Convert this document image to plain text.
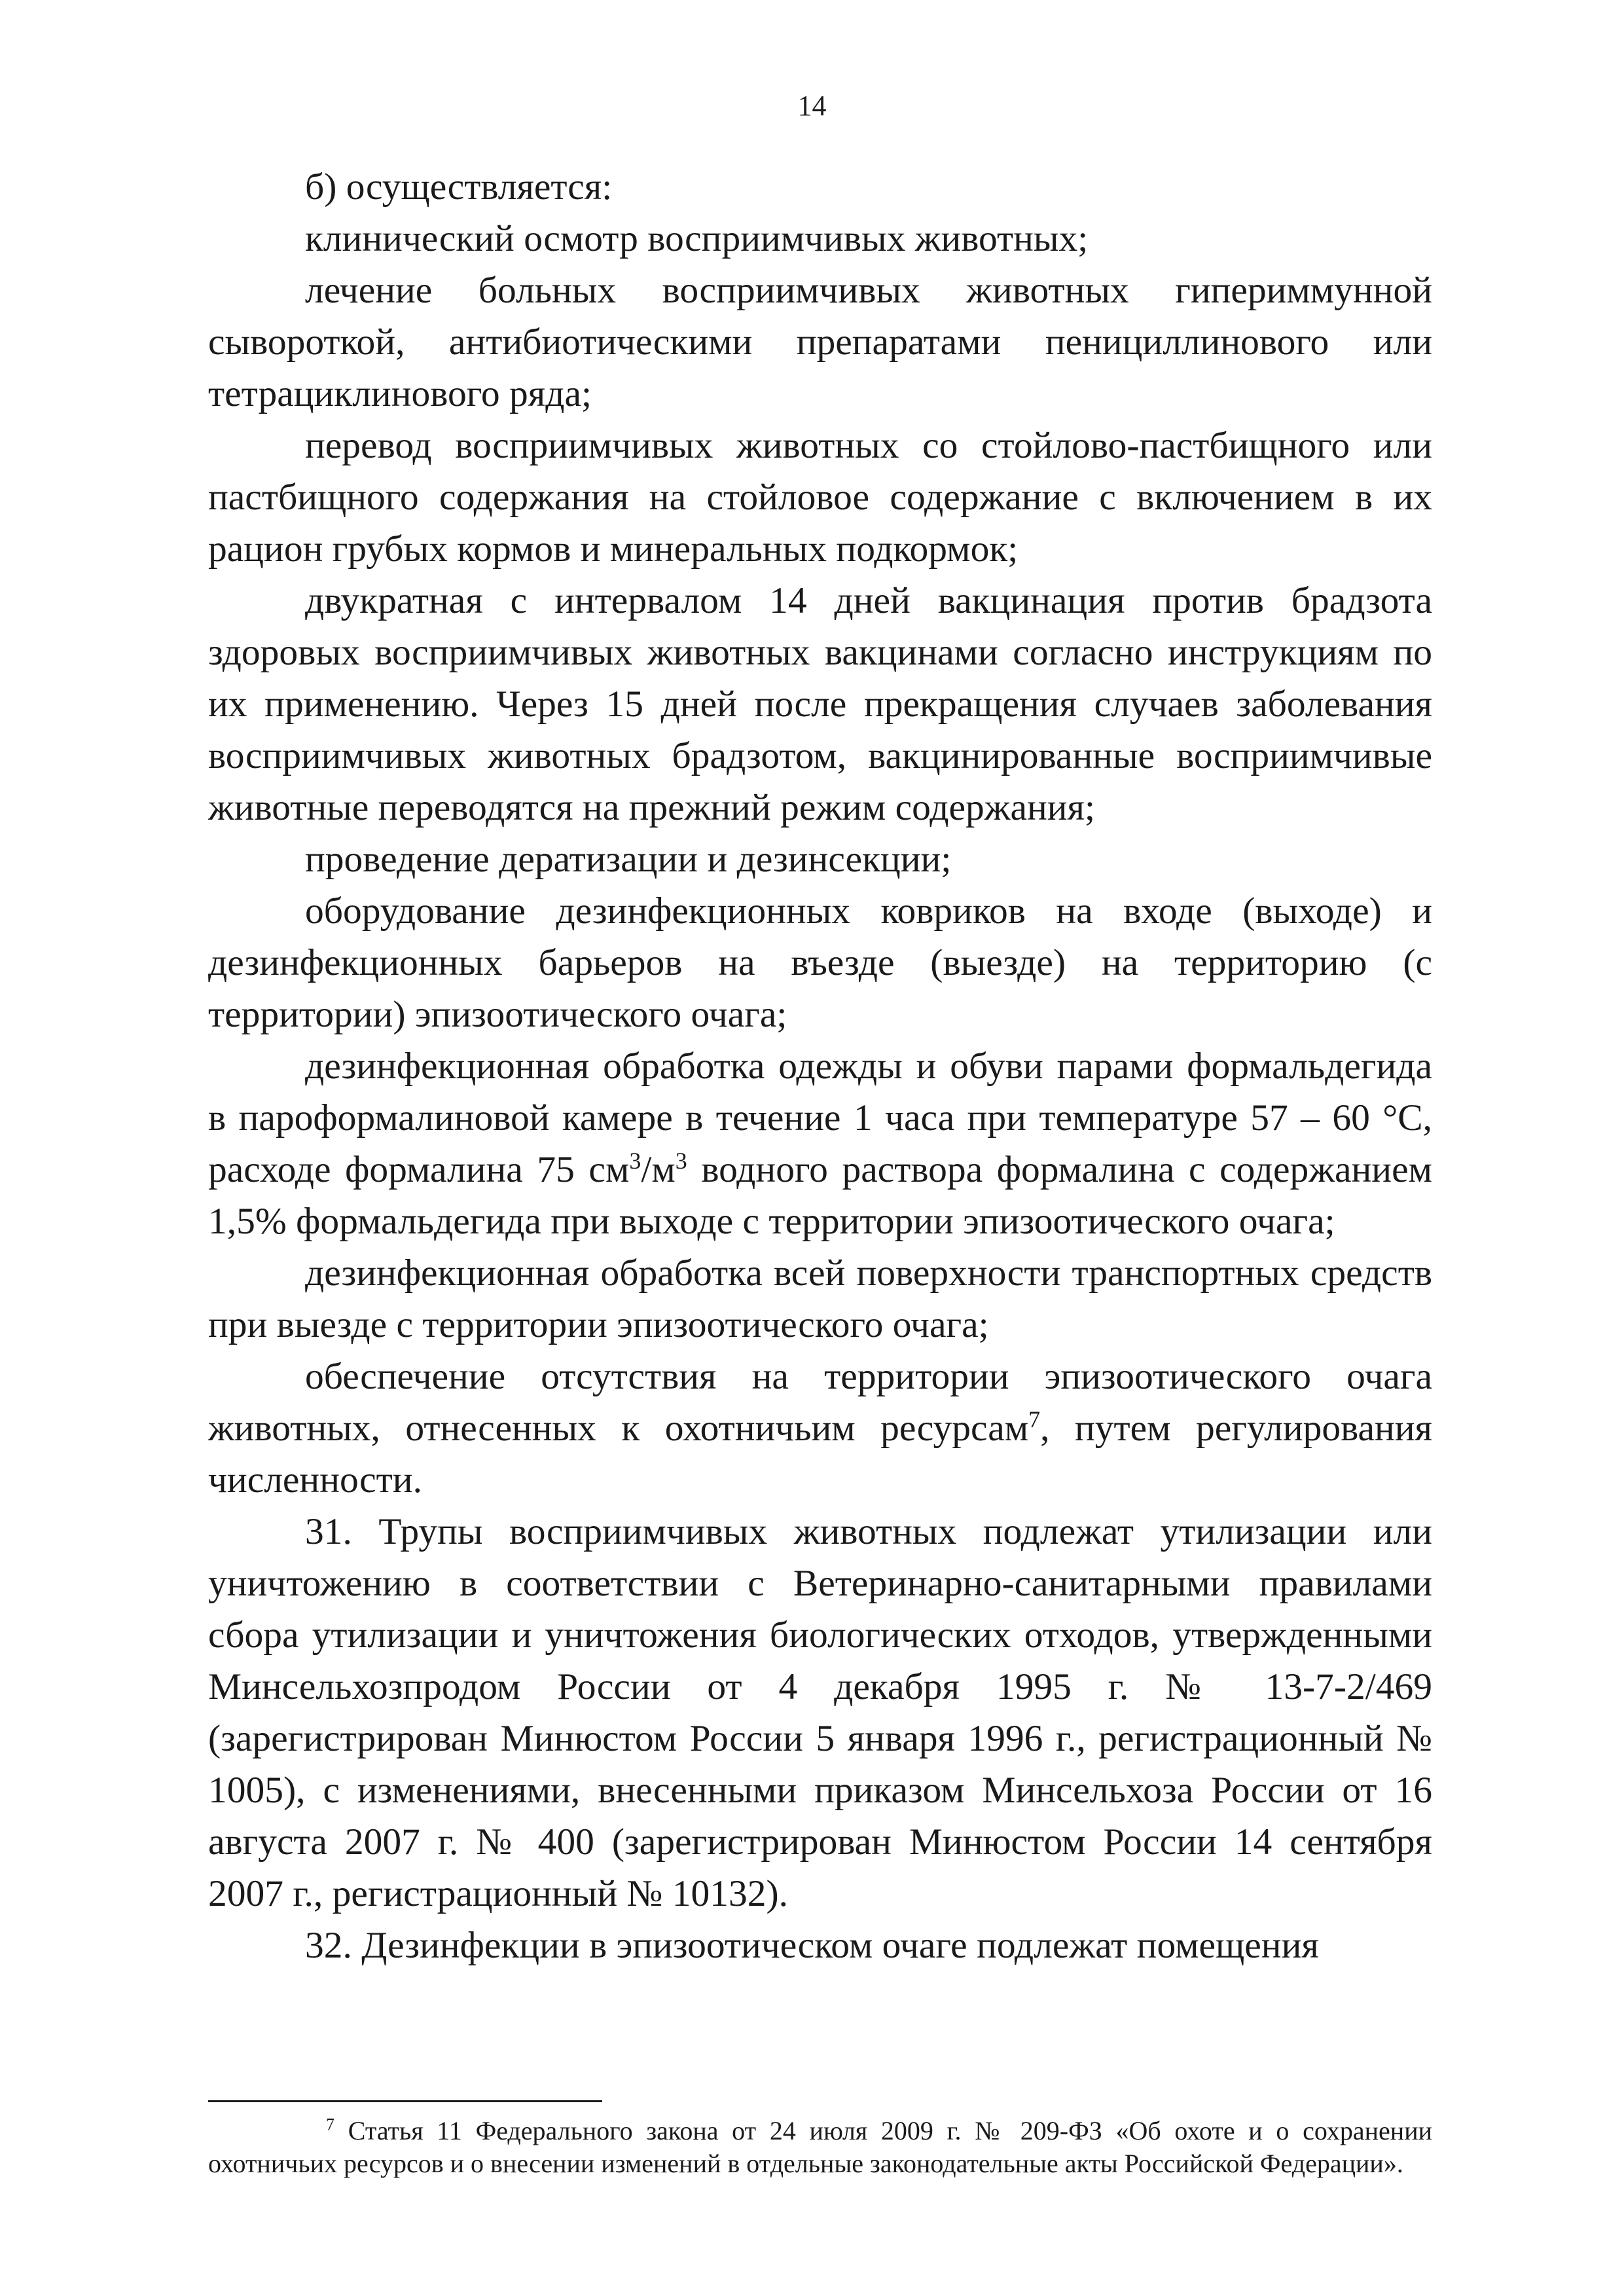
14

б) осуществляется:

клинический осмотр восприимчивых животных;

лечение больных восприимчивых животных гипериммунной сывороткой, антибиотическими препаратами пенициллинового или тетрациклинового ряда;

перевод восприимчивых животных со стойлово-пастбищного или пастбищного содержания на стойловое содержание с включением в их рацион грубых кормов и минеральных подкормок;

двукратная с интервалом 14 дней вакцинация против брадзота здоровых восприимчивых животных вакцинами согласно инструкциям по их применению. Через 15 дней после прекращения случаев заболевания восприимчивых животных брадзотом, вакцинированные восприимчивые животные переводятся на прежний режим содержания;

проведение дератизации и дезинсекции;

оборудование дезинфекционных ковриков на входе (выходе) и дезинфекционных барьеров на въезде (выезде) на территорию (с территории) эпизоотического очага;

дезинфекционная обработка одежды и обуви парами формальдегида в пароформалиновой камере в течение 1 часа при температуре 57 – 60 °С, расходе формалина 75 $см^3/м^3$ водного раствора формалина с содержанием 1,5% формальдегида при выходе с территории эпизоотического очага;

дезинфекционная обработка всей поверхности транспортных средств при выезде с территории эпизоотического очага;

обеспечение отсутствия на территории эпизоотического очага животных, отнесенных к охотничьим ресурсам$^7$, путем регулирования численности.

31. Трупы восприимчивых животных подлежат утилизации или уничтожению в соответствии с Ветеринарно-санитарными правилами сбора утилизации и уничтожения биологических отходов, утвержденными Минсельхозпродом России от 4 декабря 1995 г. № 13-7-2/469 (зарегистрирован Минюстом России 5 января 1996 г., регистрационный № 1005), с изменениями, внесенными приказом Минсельхоза России от 16 августа 2007 г. № 400 (зарегистрирован Минюстом России 14 сентября 2007 г., регистрационный № 10132).

32. Дезинфекции в эпизоотическом очаге подлежат помещения

$^7$ Статья 11 Федерального закона от 24 июля 2009 г. № 209-ФЗ «Об охоте и о сохранении охотничьих ресурсов и о внесении изменений в отдельные законодательные акты Российской Федерации».
